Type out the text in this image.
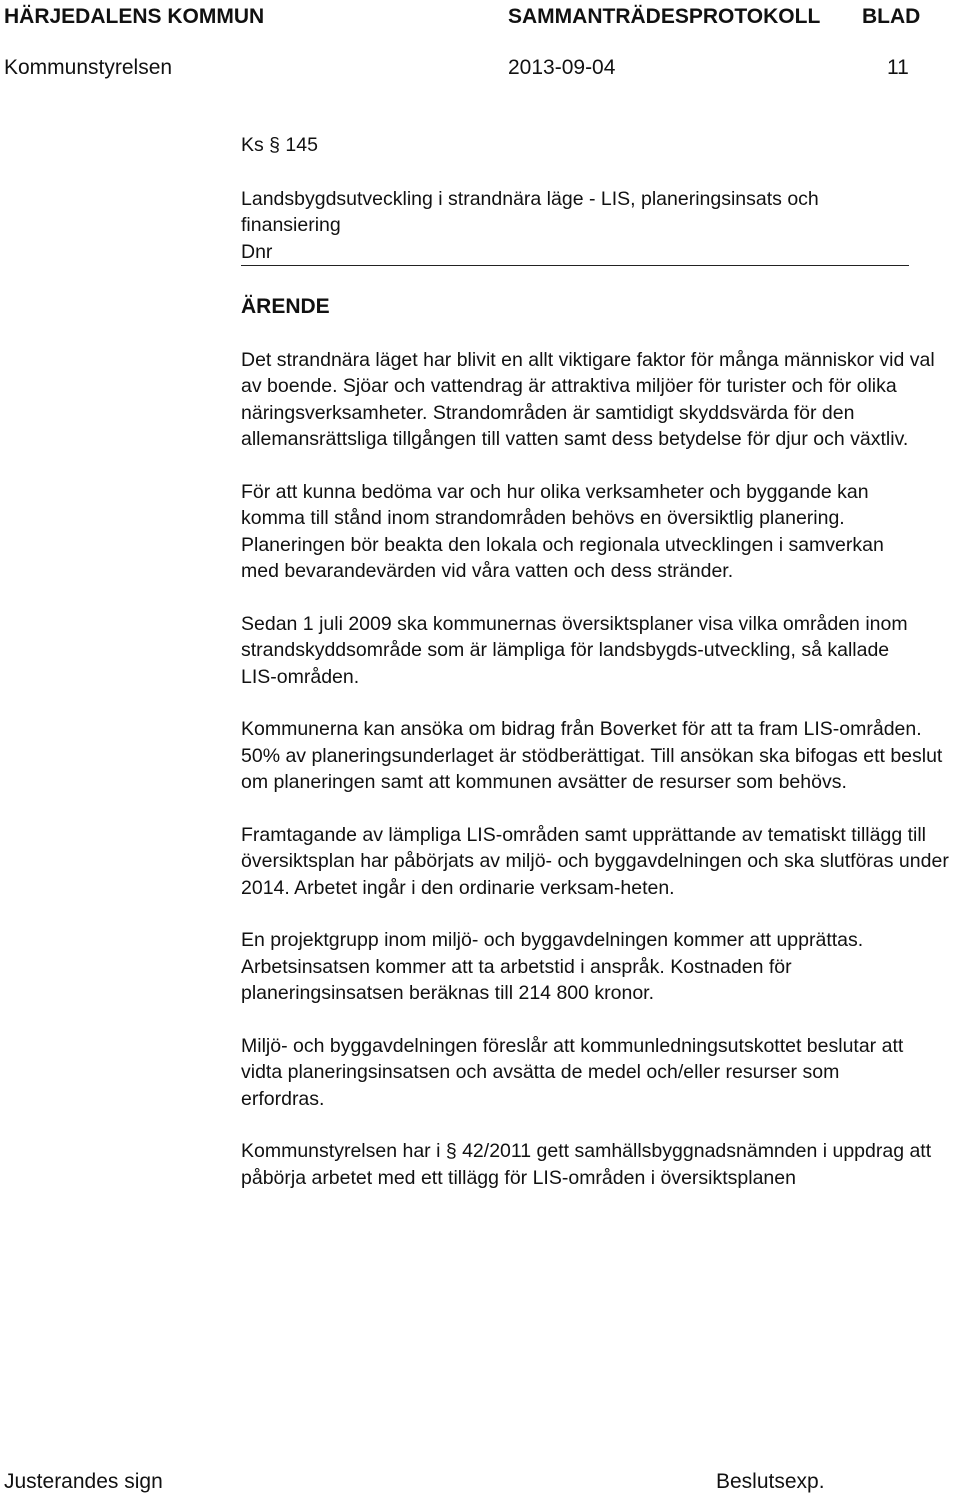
HÄRJEDALENS KOMMUN	SAMMANTRÄDESPROTOKOLL BLAD
Kommunstyrelsen	2013-09-04	11

Ks § 145

Landsbygdsutveckling i strandnära läge - LIS, planeringsinsats och

finansiering

Dnr

ÄRENDE

Det strandnära läget har blivit en allt viktigare faktor för många människor vid val av boende. Sjöar och vattendrag är attraktiva miljöer för turister och för olika näringsverksamheter. Strandområden är samtidigt skyddsvärda för den allemansrättsliga tillgången till vatten samt dess betydelse för djur och växtliv.

För att kunna bedöma var och hur olika verksamheter och byggande kan komma till stånd inom strandområden behövs en översiktlig planering. Planeringen bör beakta den lokala och regionala utvecklingen i samverkan med bevarandevärden vid våra vatten och dess stränder.

Sedan 1 juli 2009 ska kommunernas översiktsplaner visa vilka områden inom strandskyddsområde som är lämpliga för landsbygds-utveckling, så kallade LIS-områden.

Kommunerna kan ansöka om bidrag från Boverket för att ta fram LIS-områden. 50% av planeringsunderlaget är stödberättigat. Till ansökan ska bifogas ett beslut om planeringen samt att kommunen avsätter de resurser som behövs.

Framtagande av lämpliga LIS-områden samt upprättande av tematiskt tillägg till översiktsplan har påbörjats av miljö- och byggavdelningen och ska slutföras under 2014. Arbetet ingår i den ordinarie verksam-heten.

En projektgrupp inom miljö- och byggavdelningen kommer att upprättas. Arbetsinsatsen kommer att ta arbetstid i anspråk. Kostnaden för planeringsinsatsen beräknas till 214 800 kronor.

Miljö- och byggavdelningen föreslår att kommunledningsutskottet beslutar att vidta planeringsinsatsen och avsätta de medel och/eller resurser som erfordras.

Kommunstyrelsen har i § 42/2011 gett samhällsbyggnadsnämnden i uppdrag att påbörja arbetet med ett tillägg för LIS-områden i översiktsplanen

Justerandes sign	Beslutsexp.
